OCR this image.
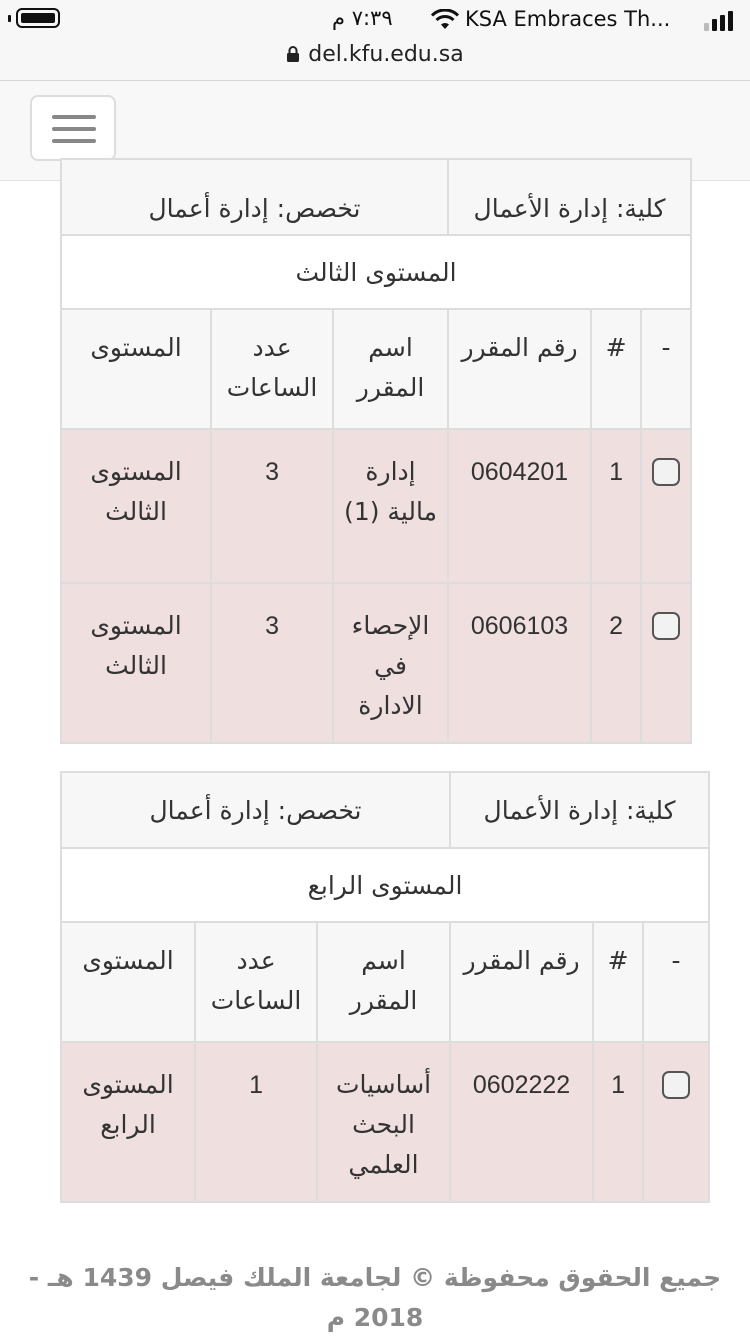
٧:٣٩ م	KSA Embraces Th...
del.kfu.edu.sa
كلية: إدارة الأعمال			تخصص: إدارة أعمال		

المستوى الثالث					
-	#	رقم المقرر	اسم المقرر	عدد الساعات	المستوى
	1	0604201	إدارة مالية (1)	3	المستوى الثالث
	2	0606103	الإحصاء في الادارة	3	المستوى الثالث
كلية: إدارة الأعمال			تخصص: إدارة أعمال		
المستوى الرابع					
-	#	رقم المقرر	اسم المقرر	عدد الساعات	المستوى
	1	0602222	أساسيات البحث العلمي	1	المستوى الرابع
جميع الحقوق محفوظة © لجامعة الملك فيصل 1439 هـ - 2018 م
